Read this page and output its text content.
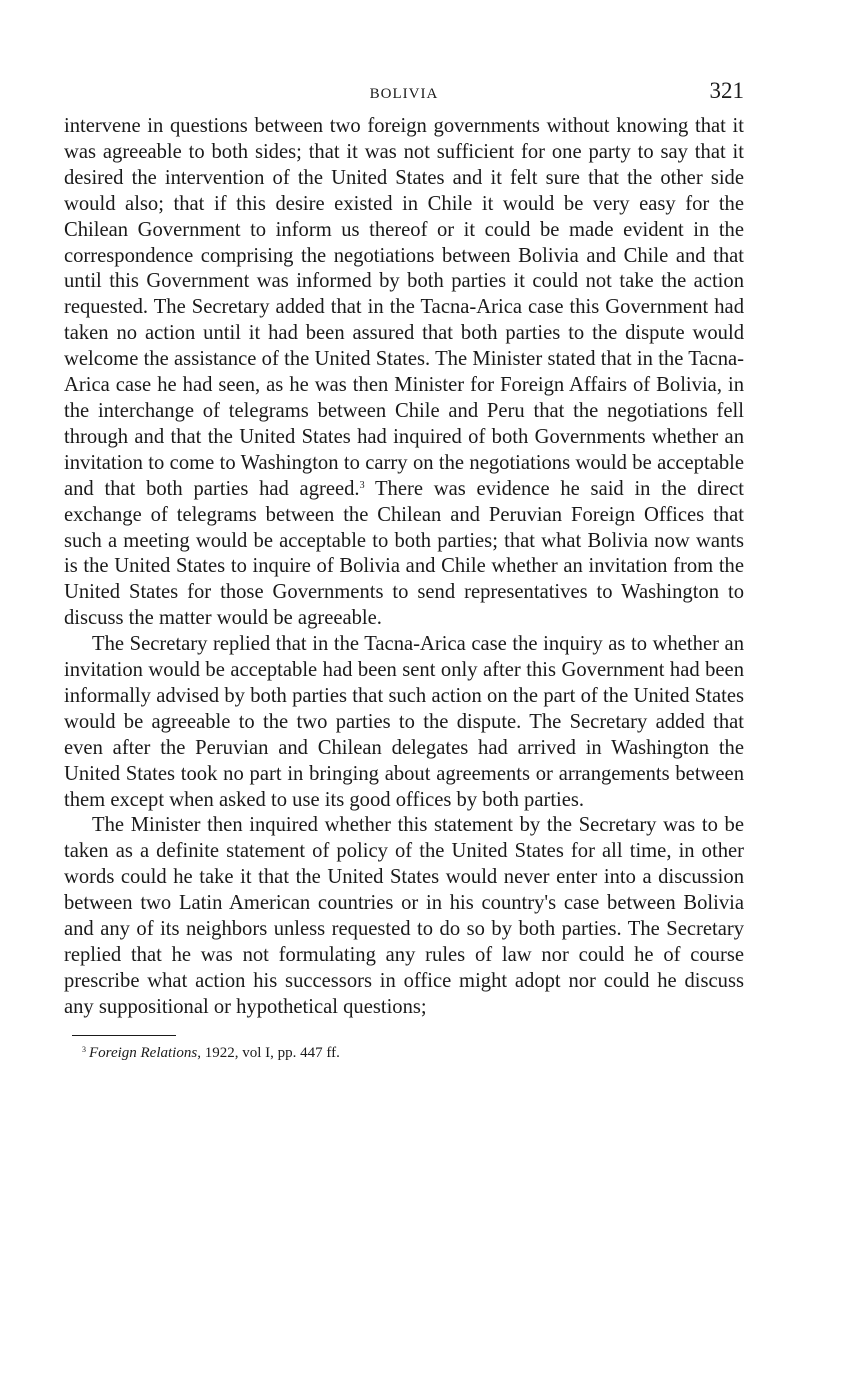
BOLIVIA	321

intervene in questions between two foreign governments without knowing that it was agreeable to both sides; that it was not sufficient for one party to say that it desired the intervention of the United States and it felt sure that the other side would also; that if this desire existed in Chile it would be very easy for the Chilean Government to inform us thereof or it could be made evident in the correspondence comprising the negotiations between Bolivia and Chile and that until this Government was informed by both parties it could not take the action requested. The Secretary added that in the Tacna-Arica case this Government had taken no action until it had been assured that both parties to the dispute would welcome the assistance of the United States. The Minister stated that in the Tacna-Arica case he had seen, as he was then Minister for Foreign Affairs of Bolivia, in the interchange of telegrams between Chile and Peru that the negotiations fell through and that the United States had inquired of both Governments whether an invitation to come to Washington to carry on the negotiations would be acceptable and that both parties had agreed.$^3$ There was evidence he said in the direct exchange of telegrams between the Chilean and Peruvian Foreign Offices that such a meeting would be acceptable to both parties; that what Bolivia now wants is the United States to inquire of Bolivia and Chile whether an invitation from the United States for those Governments to send representatives to Washington to discuss the matter would be agreeable.

The Secretary replied that in the Tacna-Arica case the inquiry as to whether an invitation would be acceptable had been sent only after this Government had been informally advised by both parties that such action on the part of the United States would be agreeable to the two parties to the dispute. The Secretary added that even after the Peruvian and Chilean delegates had arrived in Washington the United States took no part in bringing about agreements or arrangements between them except when asked to use its good offices by both parties.

The Minister then inquired whether this statement by the Secretary was to be taken as a definite statement of policy of the United States for all time, in other words could he take it that the United States would never enter into a discussion between two Latin American countries or in his country's case between Bolivia and any of its neighbors unless requested to do so by both parties. The Secretary replied that he was not formulating any rules of law nor could he of course prescribe what action his successors in office might adopt nor could he discuss any suppositional or hypothetical questions;

$^3$ Foreign Relations, 1922, vol I, pp. 447 ff.
